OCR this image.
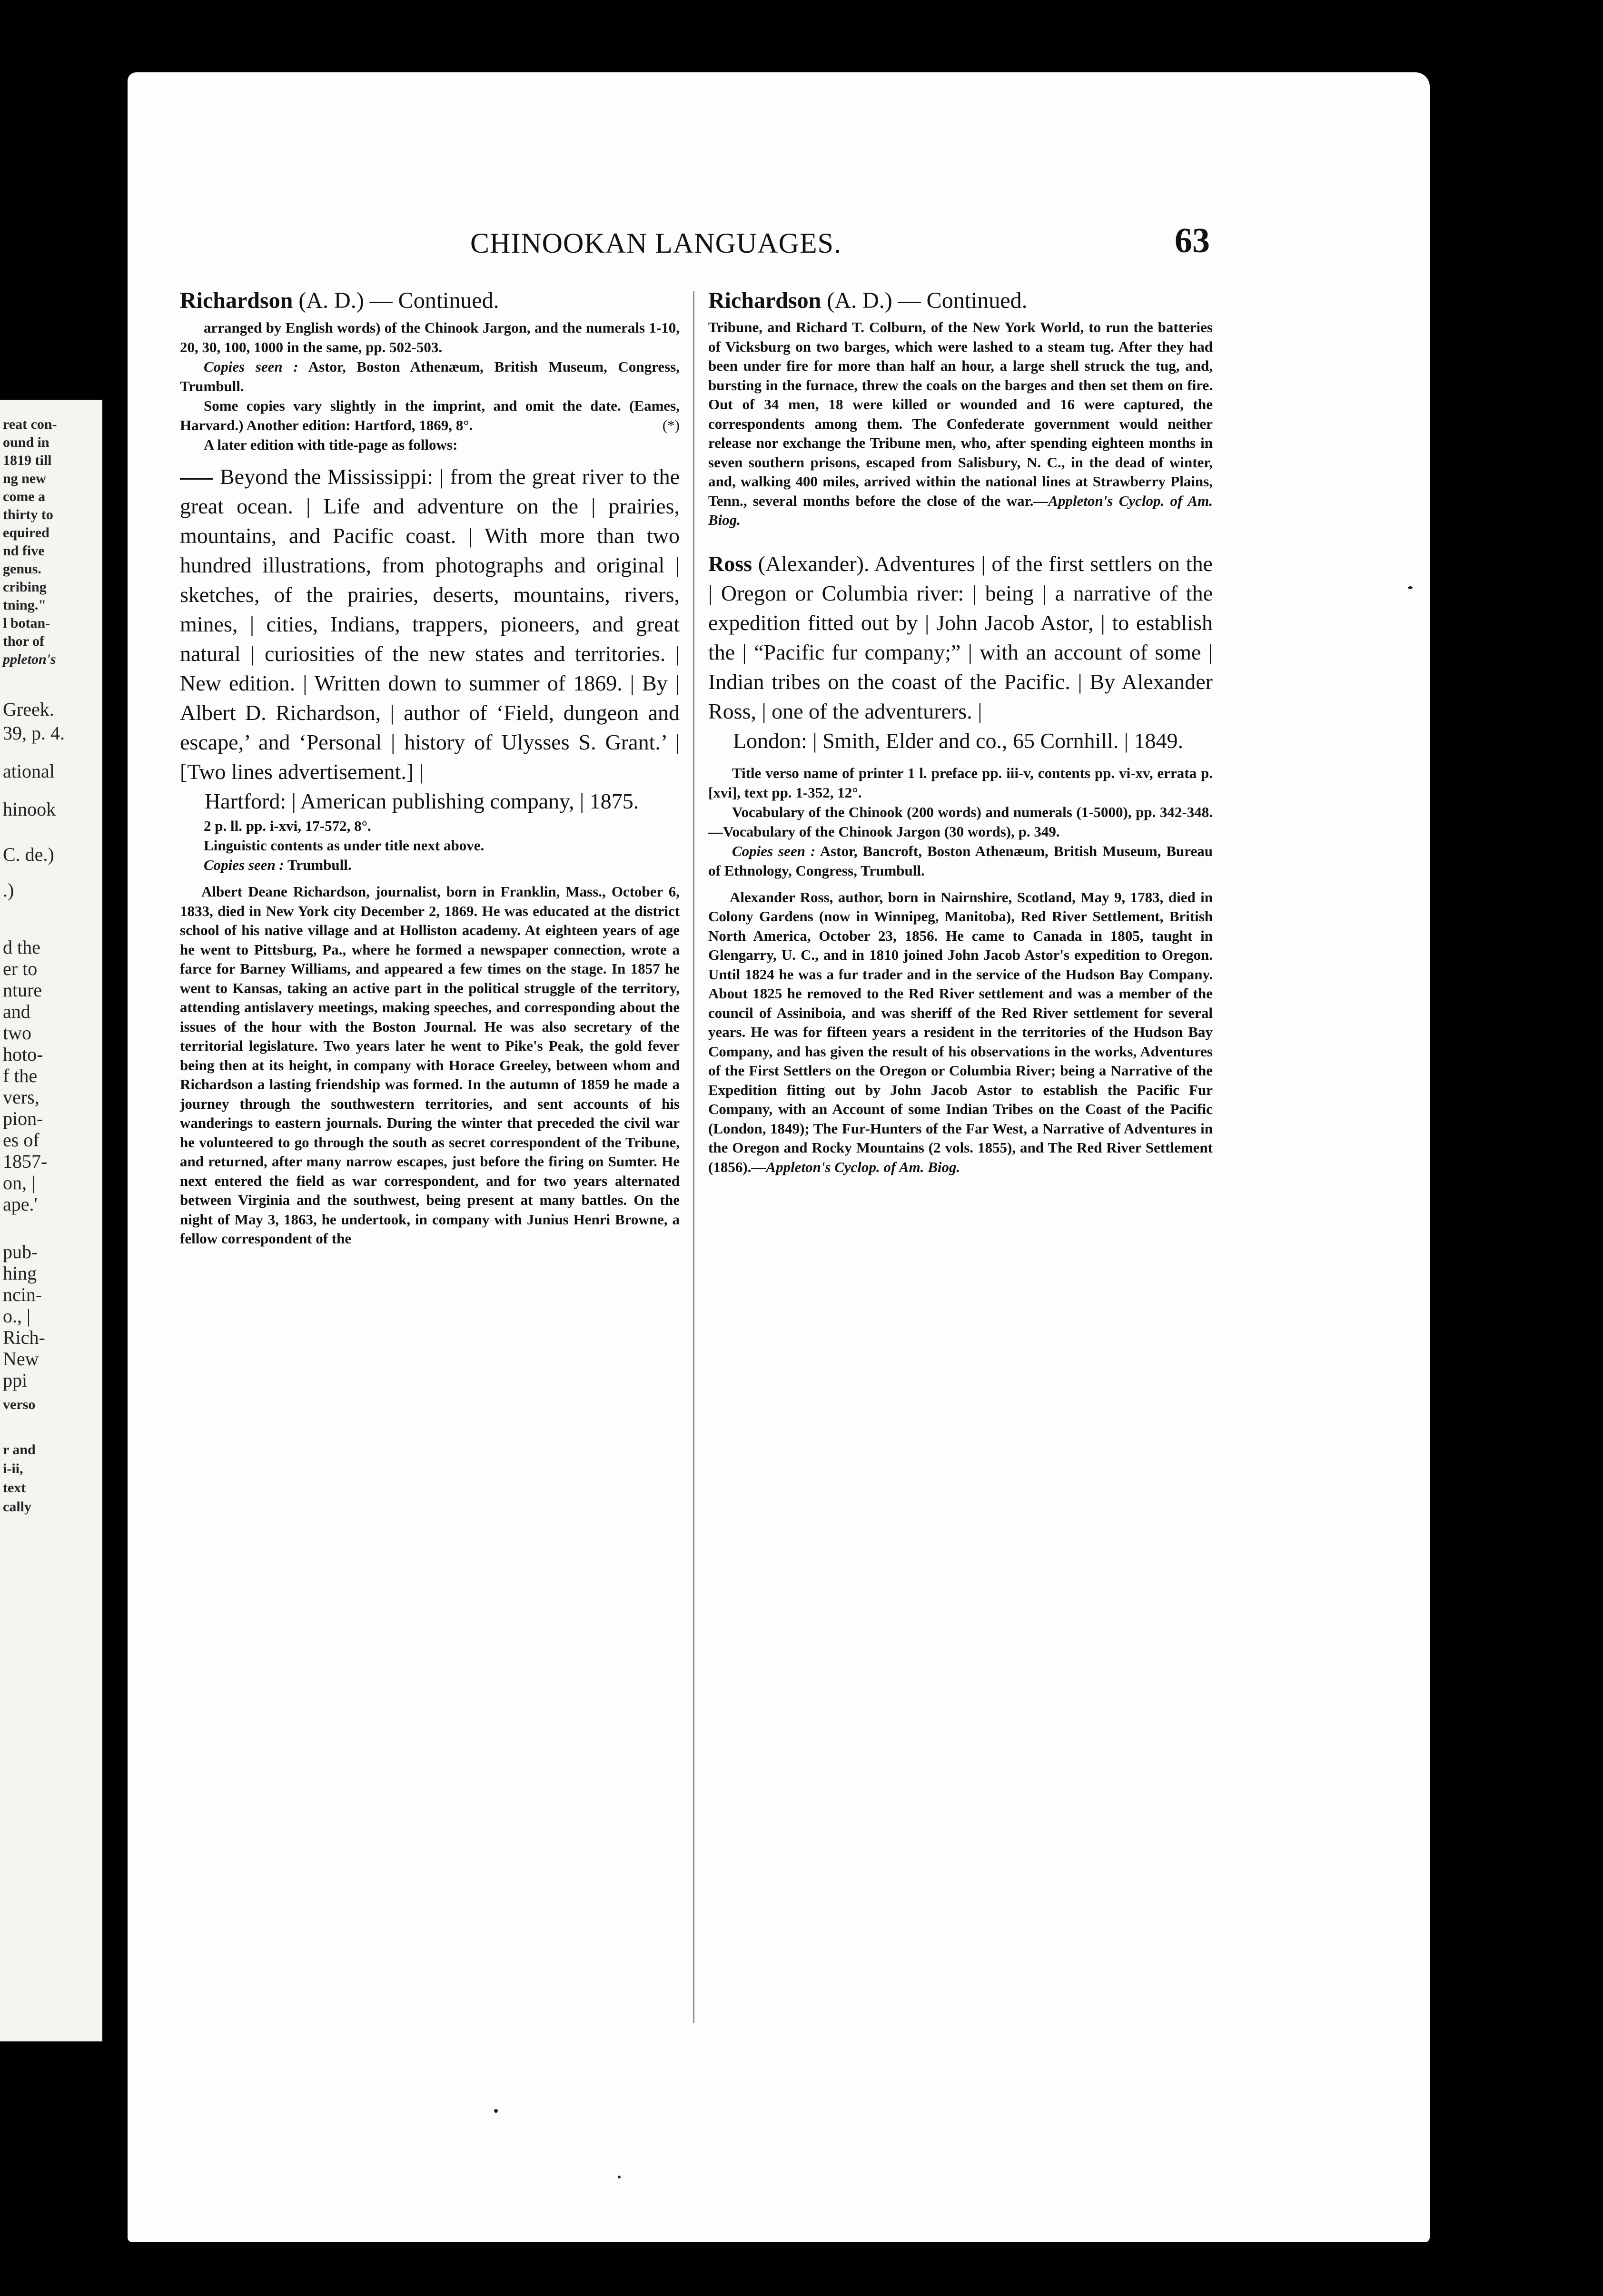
reat con-
ound in
1819 till
ng new
come a
thirty to
equired
nd five
genus.
cribing
tning."
l botan-
thor of
ppleton's
Greek.
39, p. 4.
ational
hinook
C. de.)
.)
d the
er to
nture
and
two
hoto-
f the
vers,
pion-
es of
1857-
on, |
ape.'
pub-
hing
ncin-
o., |
Rich-
New
ppi
verso
r and
i-ii,
text
cally
CHINOOKAN LANGUAGES.	63

Richardson (A. D.) — Continued.

arranged by English words) of the Chinook Jargon, and the numerals 1-10, 20, 30, 100, 1000 in the same, pp. 502-503.

Copies seen : Astor, Boston Athenæum, British Museum, Congress, Trumbull.

Some copies vary slightly in the imprint, and omit the date. (Eames, Harvard.) Another edition: Hartford, 1869, 8°.	(*)

A later edition with title-page as follows:

Beyond the Mississippi: | from the great river to the great ocean. | Life and adventure on the | prairies, mountains, and Pacific coast. | With more than two hundred illustrations, from photographs and original | sketches, of the prairies, deserts, mountains, rivers, mines, | cities, Indians, trappers, pioneers, and great natural | curiosities of the new states and territories. | New edition. | Written down to summer of 1869. | By | Albert D. Richardson, | author of ‘Field, dungeon and escape,’ and ‘Personal | history of Ulysses S. Grant.’ | [Two lines advertisement.] |

Hartford: | American publishing company, | 1875.

2 p. ll. pp. i-xvi, 17-572, 8°.

Linguistic contents as under title next above.

Copies seen : Trumbull.

Albert Deane Richardson, journalist, born in Franklin, Mass., October 6, 1833, died in New York city December 2, 1869. He was educated at the district school of his native village and at Holliston academy. At eighteen years of age he went to Pittsburg, Pa., where he formed a newspaper connection, wrote a farce for Barney Williams, and appeared a few times on the stage. In 1857 he went to Kansas, taking an active part in the political struggle of the territory, attending antislavery meetings, making speeches, and corresponding about the issues of the hour with the Boston Journal. He was also secretary of the territorial legislature. Two years later he went to Pike's Peak, the gold fever being then at its height, in company with Horace Greeley, between whom and Richardson a lasting friendship was formed. In the autumn of 1859 he made a journey through the southwestern territories, and sent accounts of his wanderings to eastern journals. During the winter that preceded the civil war he volunteered to go through the south as secret correspondent of the Tribune, and returned, after many narrow escapes, just before the firing on Sumter. He next entered the field as war correspondent, and for two years alternated between Virginia and the southwest, being present at many battles. On the night of May 3, 1863, he undertook, in company with Junius Henri Browne, a fellow correspondent of the

Richardson (A. D.) — Continued.

Tribune, and Richard T. Colburn, of the New York World, to run the batteries of Vicksburg on two barges, which were lashed to a steam tug. After they had been under fire for more than half an hour, a large shell struck the tug, and, bursting in the furnace, threw the coals on the barges and then set them on fire. Out of 34 men, 18 were killed or wounded and 16 were captured, the correspondents among them. The Confederate government would neither release nor exchange the Tribune men, who, after spending eighteen months in seven southern prisons, escaped from Salisbury, N. C., in the dead of winter, and, walking 400 miles, arrived within the national lines at Strawberry Plains, Tenn., several months before the close of the war.—Appleton's Cyclop. of Am. Biog.

Ross (Alexander). Adventures | of the first settlers on the | Oregon or Columbia river: | being | a narrative of the expedition fitted out by | John Jacob Astor, | to establish the | “Pacific fur company;” | with an account of some | Indian tribes on the coast of the Pacific. | By Alexander Ross, | one of the adventurers. |

London: | Smith, Elder and co., 65 Cornhill. | 1849.

Title verso name of printer 1 l. preface pp. iii-v, contents pp. vi-xv, errata p. [xvi], text pp. 1-352, 12°.

Vocabulary of the Chinook (200 words) and numerals (1-5000), pp. 342-348.—Vocabulary of the Chinook Jargon (30 words), p. 349.

Copies seen : Astor, Bancroft, Boston Athenæum, British Museum, Bureau of Ethnology, Congress, Trumbull.

Alexander Ross, author, born in Nairnshire, Scotland, May 9, 1783, died in Colony Gardens (now in Winnipeg, Manitoba), Red River Settlement, British North America, October 23, 1856. He came to Canada in 1805, taught in Glengarry, U. C., and in 1810 joined John Jacob Astor's expedition to Oregon. Until 1824 he was a fur trader and in the service of the Hudson Bay Company. About 1825 he removed to the Red River settlement and was a member of the council of Assiniboia, and was sheriff of the Red River settlement for several years. He was for fifteen years a resident in the territories of the Hudson Bay Company, and has given the result of his observations in the works, Adventures of the First Settlers on the Oregon or Columbia River; being a Narrative of the Expedition fitting out by John Jacob Astor to establish the Pacific Fur Company, with an Account of some Indian Tribes on the Coast of the Pacific (London, 1849); The Fur-Hunters of the Far West, a Narrative of Adventures in the Oregon and Rocky Mountains (2 vols. 1855), and The Red River Settlement (1856).—Appleton's Cyclop. of Am. Biog.
